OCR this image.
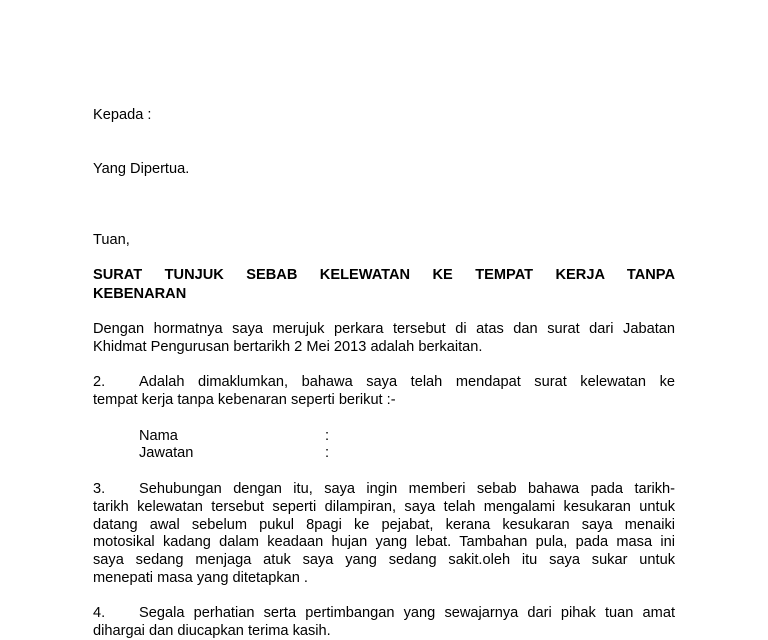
Kepada :
Yang Dipertua.
Tuan,
SURAT TUNJUK SEBAB KELEWATAN KE TEMPAT KERJA TANPA
KEBENARAN
Dengan hormatnya saya merujuk perkara tersebut di atas dan surat dari Jabatan
Khidmat Pengurusan bertarikh 2 Mei 2013 adalah berkaitan.
2. Adalah dimaklumkan, bahawa saya telah mendapat surat kelewatan ke
tempat kerja tanpa kebenaran seperti berikut :-
Nama	:
Jawatan	:
3. Sehubungan dengan itu, saya ingin memberi sebab bahawa pada tarikh-
tarikh kelewatan tersebut seperti dilampiran, saya telah mengalami kesukaran untuk
datang awal sebelum pukul 8pagi ke pejabat, kerana kesukaran saya menaiki
motosikal kadang dalam keadaan hujan yang lebat. Tambahan pula, pada masa ini
saya sedang menjaga atuk saya yang sedang sakit.oleh itu saya sukar untuk
menepati masa yang ditetapkan .
4. Segala perhatian serta pertimbangan yang sewajarnya dari pihak tuan amat
dihargai dan diucapkan terima kasih.
